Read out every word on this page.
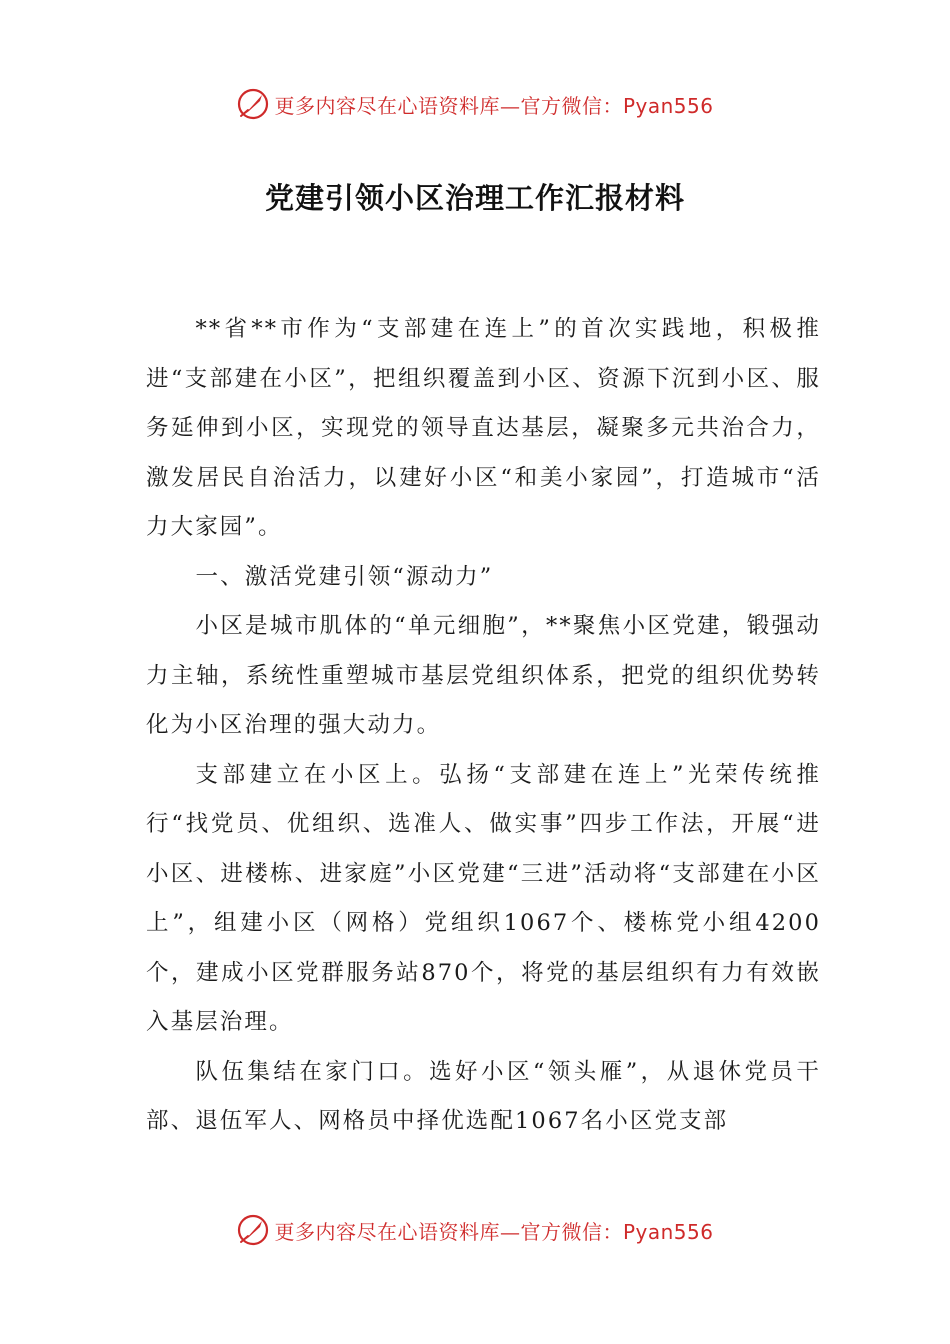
更多内容尽在心语资料库—官方微信：Pyan556
党建引领小区治理工作汇报材料

**省**市作为“支部建在连上”的首次实践地，积极推进“支部建在小区”，把组织覆盖到小区、资源下沉到小区、服务延伸到小区，实现党的领导直达基层，凝聚多元共治合力，激发居民自治活力，以建好小区“和美小家园”，打造城市“活力大家园”。

一、激活党建引领“源动力”

小区是城市肌体的“单元细胞”，**聚焦小区党建，锻强动力主轴，系统性重塑城市基层党组织体系，把党的组织优势转化为小区治理的强大动力。

支部建立在小区上。弘扬“支部建在连上”光荣传统推行“找党员、优组织、选准人、做实事”四步工作法，开展“进小区、进楼栋、进家庭”小区党建“三进”活动将“支部建在小区上”，组建小区（网格）党组织1067个、楼栋党小组4200个，建成小区党群服务站870个，将党的基层组织有力有效嵌入基层治理。

队伍集结在家门口。选好小区“领头雁”，从退休党员干部、退伍军人、网格员中择优选配1067名小区党支部

更多内容尽在心语资料库—官方微信：Pyan556
